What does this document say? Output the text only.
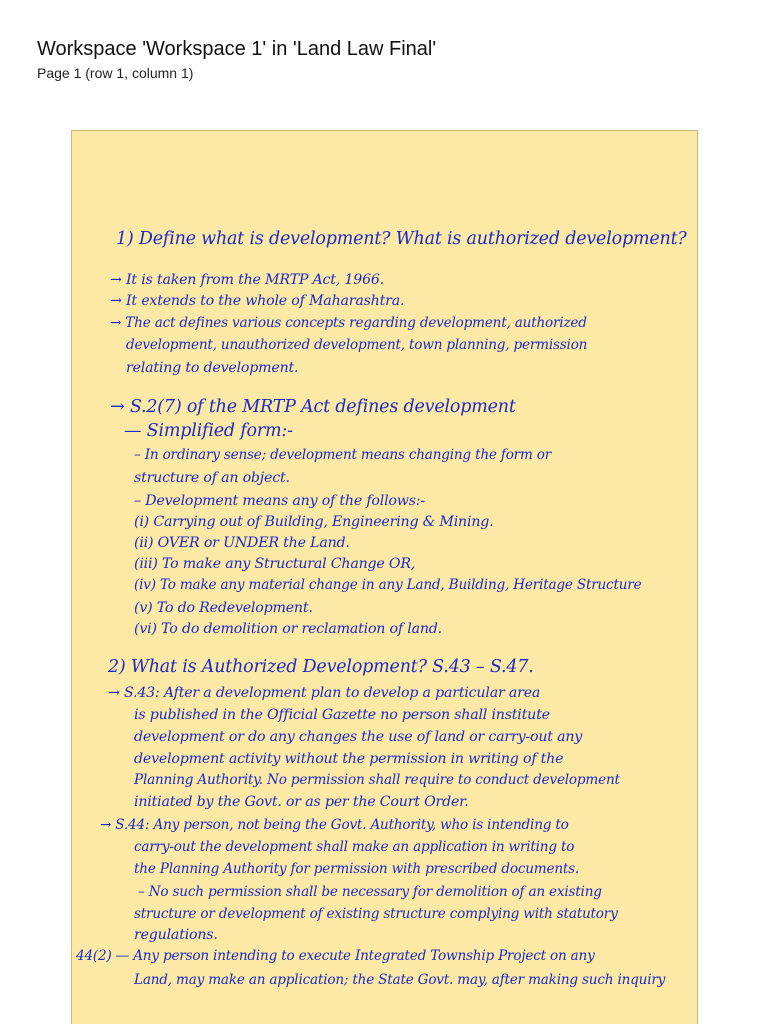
Workspace 'Workspace 1' in 'Land Law Final'
Page 1 (row 1, column 1)
1) Define what is development? What is authorized development?
→ It is taken from the MRTP Act, 1966.
→ It extends to the whole of Maharashtra.
→ The act defines various concepts regarding development, authorized
development, unauthorized development, town planning, permission
relating to development.
→ S.2(7) of the MRTP Act defines development
— Simplified form:-
– In ordinary sense; development means changing the form or
structure of an object.
– Development means any of the follows:-
(i) Carrying out of Building, Engineering & Mining.
(ii) OVER or UNDER the Land.
(iii) To make any Structural Change OR,
(iv) To make any material change in any Land, Building, Heritage Structure
(v) To do Redevelopment.
(vi) To do demolition or reclamation of land.
2) What is Authorized Development? S.43 – S.47.
→ S.43: After a development plan to develop a particular area
is published in the Official Gazette no person shall institute
development or do any changes the use of land or carry-out any
development activity without the permission in writing of the
Planning Authority. No permission shall require to conduct development
initiated by the Govt. or as per the Court Order.
→ S.44: Any person, not being the Govt. Authority, who is intending to
carry-out the development shall make an application in writing to
the Planning Authority for permission with prescribed documents.
– No such permission shall be necessary for demolition of an existing
structure or development of existing structure complying with statutory
regulations.
44(2) — Any person intending to execute Integrated Township Project on any
Land, may make an application; the State Govt. may, after making such inquiry
